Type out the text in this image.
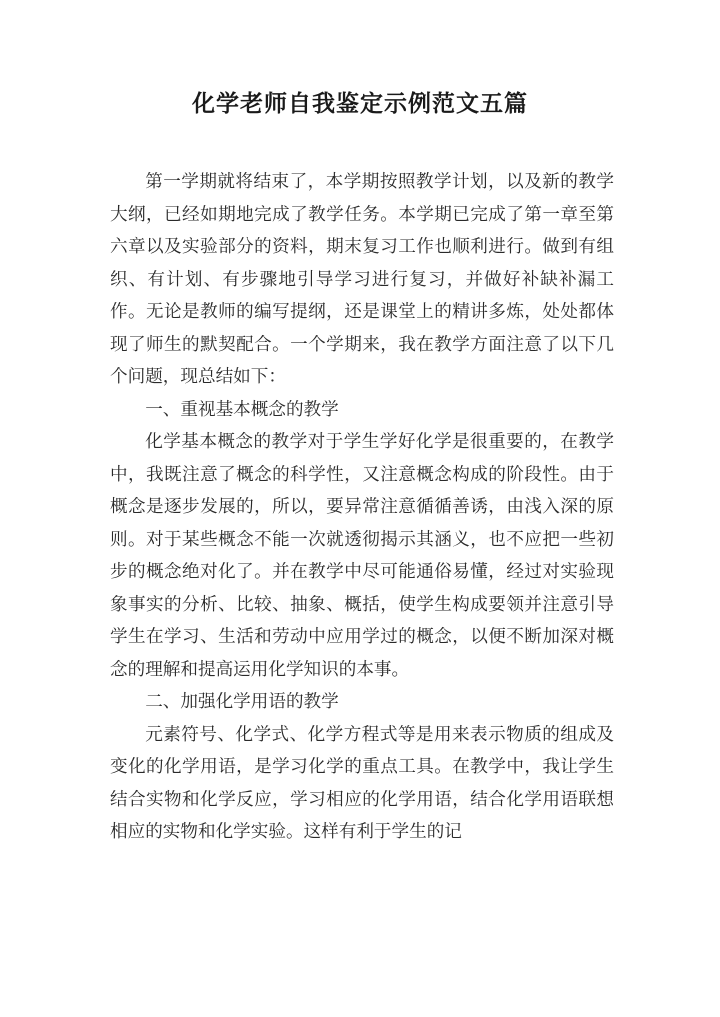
化学老师自我鉴定示例范文五篇

第一学期就将结束了，本学期按照教学计划，以及新的教学大纲，已经如期地完成了教学任务。本学期已完成了第一章至第六章以及实验部分的资料，期末复习工作也顺利进行。做到有组织、有计划、有步骤地引导学习进行复习，并做好补缺补漏工作。无论是教师的编写提纲，还是课堂上的精讲多炼，处处都体现了师生的默契配合。一个学期来，我在教学方面注意了以下几个问题，现总结如下：

一、重视基本概念的教学

化学基本概念的教学对于学生学好化学是很重要的，在教学中，我既注意了概念的科学性，又注意概念构成的阶段性。由于概念是逐步发展的，所以，要异常注意循循善诱，由浅入深的原则。对于某些概念不能一次就透彻揭示其涵义，也不应把一些初步的概念绝对化了。并在教学中尽可能通俗易懂，经过对实验现象事实的分析、比较、抽象、概括，使学生构成要领并注意引导学生在学习、生活和劳动中应用学过的概念，以便不断加深对概念的理解和提高运用化学知识的本事。

二、加强化学用语的教学

元素符号、化学式、化学方程式等是用来表示物质的组成及变化的化学用语，是学习化学的重点工具。在教学中，我让学生结合实物和化学反应，学习相应的化学用语，结合化学用语联想相应的实物和化学实验。这样有利于学生的记
